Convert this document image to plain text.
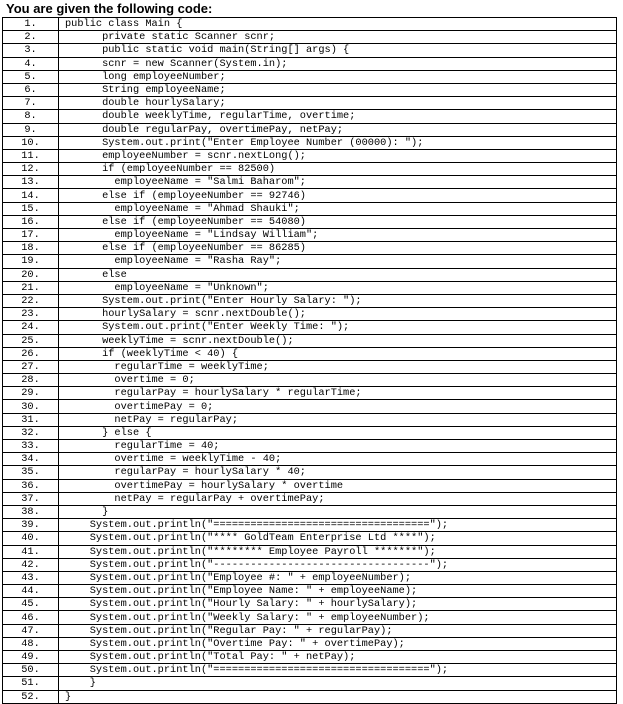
You are given the following code:
1.	public class Main {
2.	private static Scanner scnr;
3.	public static void main(String[] args) {
4.	scnr = new Scanner(System.in);
5.	long employeeNumber;
6.	String employeeName;
7.	double hourlySalary;
8.	double weeklyTime, regularTime, overtime;
9.	double regularPay, overtimePay, netPay;
10.	System.out.print("Enter Employee Number (00000): ");
11.	employeeNumber = scnr.nextLong();
12.	if (employeeNumber == 82500)
13.	employeeName = "Salmi Baharom";
14.	else if (employeeNumber == 92746)
15.	employeeName = "Ahmad Shauki";
16.	else if (employeeNumber == 54080)
17.	employeeName = "Lindsay William";
18.	else if (employeeNumber == 86285)
19.	employeeName = "Rasha Ray";
20.	else
21.	employeeName = "Unknown";
22.	System.out.print("Enter Hourly Salary: ");
23.	hourlySalary = scnr.nextDouble();
24.	System.out.print("Enter Weekly Time: ");
25.	weeklyTime = scnr.nextDouble();
26.	if (weeklyTime < 40) {
27.	regularTime = weeklyTime;
28.	overtime = 0;
29.	regularPay = hourlySalary * regularTime;
30.	overtimePay = 0;
31.	netPay = regularPay;
32.	} else {
33.	regularTime = 40;
34.	overtime = weeklyTime - 40;
35.	regularPay = hourlySalary * 40;
36.	overtimePay = hourlySalary * overtime
37.	netPay = regularPay + overtimePay;
38.	}
39.	System.out.println("===================================");
40.	System.out.println("**** GoldTeam Enterprise Ltd ****");
41.	System.out.println("******** Employee Payroll *******");
42.	System.out.println("-----------------------------------");
43.	System.out.println("Employee #: " + employeeNumber);
44.	System.out.println("Employee Name: " + employeeName);
45.	System.out.println("Hourly Salary: " + hourlySalary);
46.	System.out.println("Weekly Salary: " + employeeNumber);
47.	System.out.println("Regular Pay: " + regularPay);
48.	System.out.println("Overtime Pay: " + overtimePay);
49.	System.out.println("Total Pay: " + netPay);
50.	System.out.println("===================================");
51.	}
52.	}
